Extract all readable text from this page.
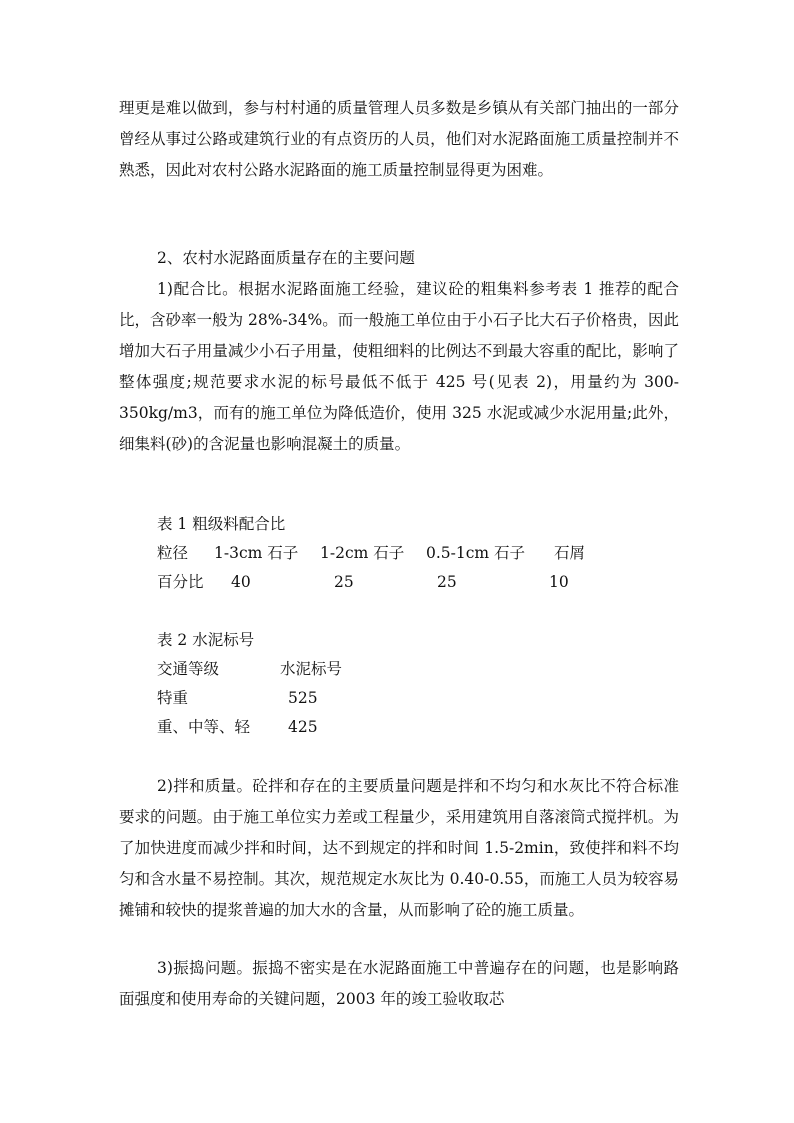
理更是难以做到，参与村村通的质量管理人员多数是乡镇从有关部门抽出的一部分曾经从事过公路或建筑行业的有点资历的人员，他们对水泥路面施工质量控制并不熟悉，因此对农村公路水泥路面的施工质量控制显得更为困难。

2、农村水泥路面质量存在的主要问题

1)配合比。根据水泥路面施工经验，建议砼的粗集料参考表 1 推荐的配合比，含砂率一般为 28%-34%。而一般施工单位由于小石子比大石子价格贵，因此增加大石子用量减少小石子用量，使粗细料的比例达不到最大容重的配比，影响了整体强度;规范要求水泥的标号最低不低于 425 号(见表 2)，用量约为 300-350kg/m3，而有的施工单位为降低造价，使用 325 水泥或减少水泥用量;此外，细集料(砂)的含泥量也影响混凝土的质量。

表 1 粗级料配合比
粒径 1-3cm 石子 1-2cm 石子 0.5-1cm 石子 石屑
百分比 40	25	25	10
表 2 水泥标号
交通等级	水泥标号
特重	525
重、中等、轻 425

2)拌和质量。砼拌和存在的主要质量问题是拌和不均匀和水灰比不符合标准要求的问题。由于施工单位实力差或工程量少，采用建筑用自落滚筒式搅拌机。为了加快进度而减少拌和时间，达不到规定的拌和时间 1.5-2min，致使拌和料不均匀和含水量不易控制。其次，规范规定水灰比为 0.40-0.55，而施工人员为较容易摊铺和较快的提浆普遍的加大水的含量，从而影响了砼的施工质量。

3)振捣问题。振捣不密实是在水泥路面施工中普遍存在的问题，也是影响路面强度和使用寿命的关键问题，2003 年的竣工验收取芯
